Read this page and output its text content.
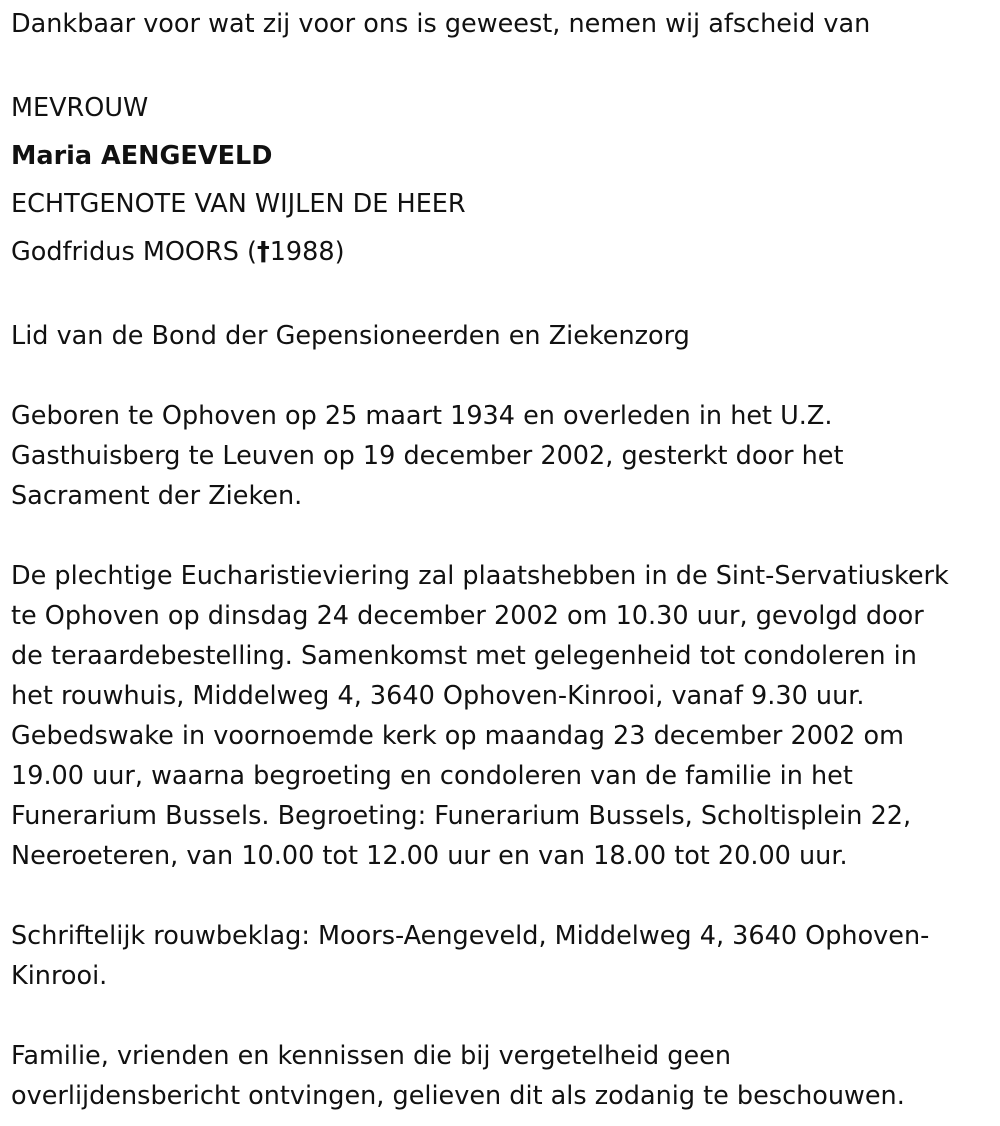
Dankbaar voor wat zij voor ons is geweest, nemen wij afscheid van

MEVROUW

Maria AENGEVELD

ECHTGENOTE VAN WIJLEN DE HEER

Godfridus MOORS (†1988)

Lid van de Bond der Gepensioneerden en Ziekenzorg

Geboren te Ophoven op 25 maart 1934 en overleden in het U.Z.

Gasthuisberg te Leuven op 19 december 2002, gesterkt door het

Sacrament der Zieken.

De plechtige Eucharistieviering zal plaatshebben in de Sint-Servatiuskerk

te Ophoven op dinsdag 24 december 2002 om 10.30 uur, gevolgd door

de teraardebestelling. Samenkomst met gelegenheid tot condoleren in

het rouwhuis, Middelweg 4, 3640 Ophoven-Kinrooi, vanaf 9.30 uur.

Gebedswake in voornoemde kerk op maandag 23 december 2002 om

19.00 uur, waarna begroeting en condoleren van de familie in het

Funerarium Bussels. Begroeting: Funerarium Bussels, Scholtisplein 22,

Neeroeteren, van 10.00 tot 12.00 uur en van 18.00 tot 20.00 uur.

Schriftelijk rouwbeklag: Moors-Aengeveld, Middelweg 4, 3640 Ophoven-

Kinrooi.

Familie, vrienden en kennissen die bij vergetelheid geen

overlijdensbericht ontvingen, gelieven dit als zodanig te beschouwen.
